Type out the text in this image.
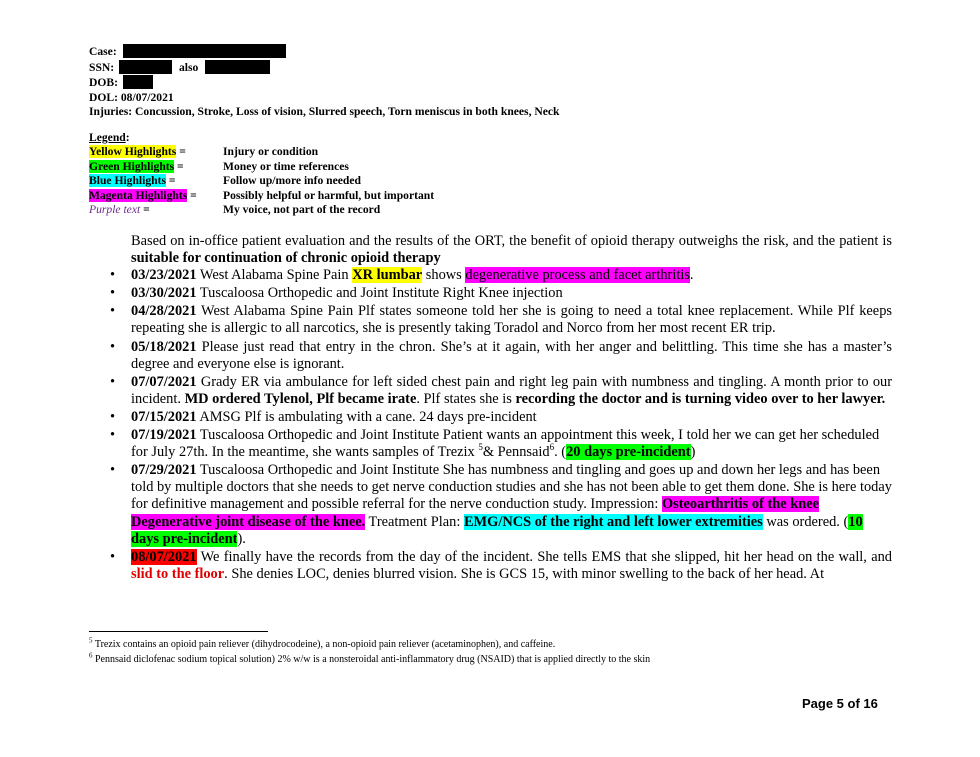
Case:
SSN:	also
DOB:
DOL: 08/07/2021
Injuries: Concussion, Stroke, Loss of vision, Slurred speech, Torn meniscus in both knees, Neck
Legend:
Yellow Highlights =	Injury or condition
Green Highlights =	Money or time references
Blue Highlights =	Follow up/more info needed
Magenta Highlights =	Possibly helpful or harmful, but important
Purple text =	My voice, not part of the record

Based on in-office patient evaluation and the results of the ORT, the benefit of opioid therapy outweighs the risk, and the patient is suitable for continuation of chronic opioid therapy

• 03/23/2021 West Alabama Spine Pain XR lumbar shows degenerative process and facet arthritis.
• 03/30/2021 Tuscaloosa Orthopedic and Joint Institute Right Knee injection
• 04/28/2021 West Alabama Spine Pain Plf states someone told her she is going to need a total knee replacement. While Plf keeps repeating she is allergic to all narcotics, she is presently taking Toradol and Norco from her most recent ER trip.
• 05/18/2021 Please just read that entry in the chron. She’s at it again, with her anger and belittling. This time she has a master’s degree and everyone else is ignorant.
• 07/07/2021 Grady ER via ambulance for left sided chest pain and right leg pain with numbness and tingling. A month prior to our incident. MD ordered Tylenol, Plf became irate. Plf states she is recording the doctor and is turning video over to her lawyer.
• 07/15/2021 AMSG Plf is ambulating with a cane. 24 days pre-incident
• 07/19/2021 Tuscaloosa Orthopedic and Joint Institute Patient wants an appointment this week, I told her we can get her scheduled for July 27th. In the meantime, she wants samples of Trezix $^5$& Pennsaid$^6$. (20 days pre-incident)
• 07/29/2021 Tuscaloosa Orthopedic and Joint Institute She has numbness and tingling and goes up and down her legs and has been told by multiple doctors that she needs to get nerve conduction studies and she has not been able to get them done. She is here today for definitive management and possible referral for the nerve conduction study. Impression: Osteoarthritis of the knee Degenerative joint disease of the knee. Treatment Plan: EMG/NCS of the right and left lower extremities was ordered. (10 days pre-incident).
• 08/07/2021 We finally have the records from the day of the incident. She tells EMS that she slipped, hit her head on the wall, and slid to the floor. She denies LOC, denies blurred vision. She is GCS 15, with minor swelling to the back of her head. At
$^5$ Trezix contains an opioid pain reliever (dihydrocodeine), a non-opioid pain reliever (acetaminophen), and caffeine.
$^6$ Pennsaid diclofenac sodium topical solution) 2% w/w is a nonsteroidal anti-inflammatory drug (NSAID) that is applied directly to the skin
Page 5 of 16
